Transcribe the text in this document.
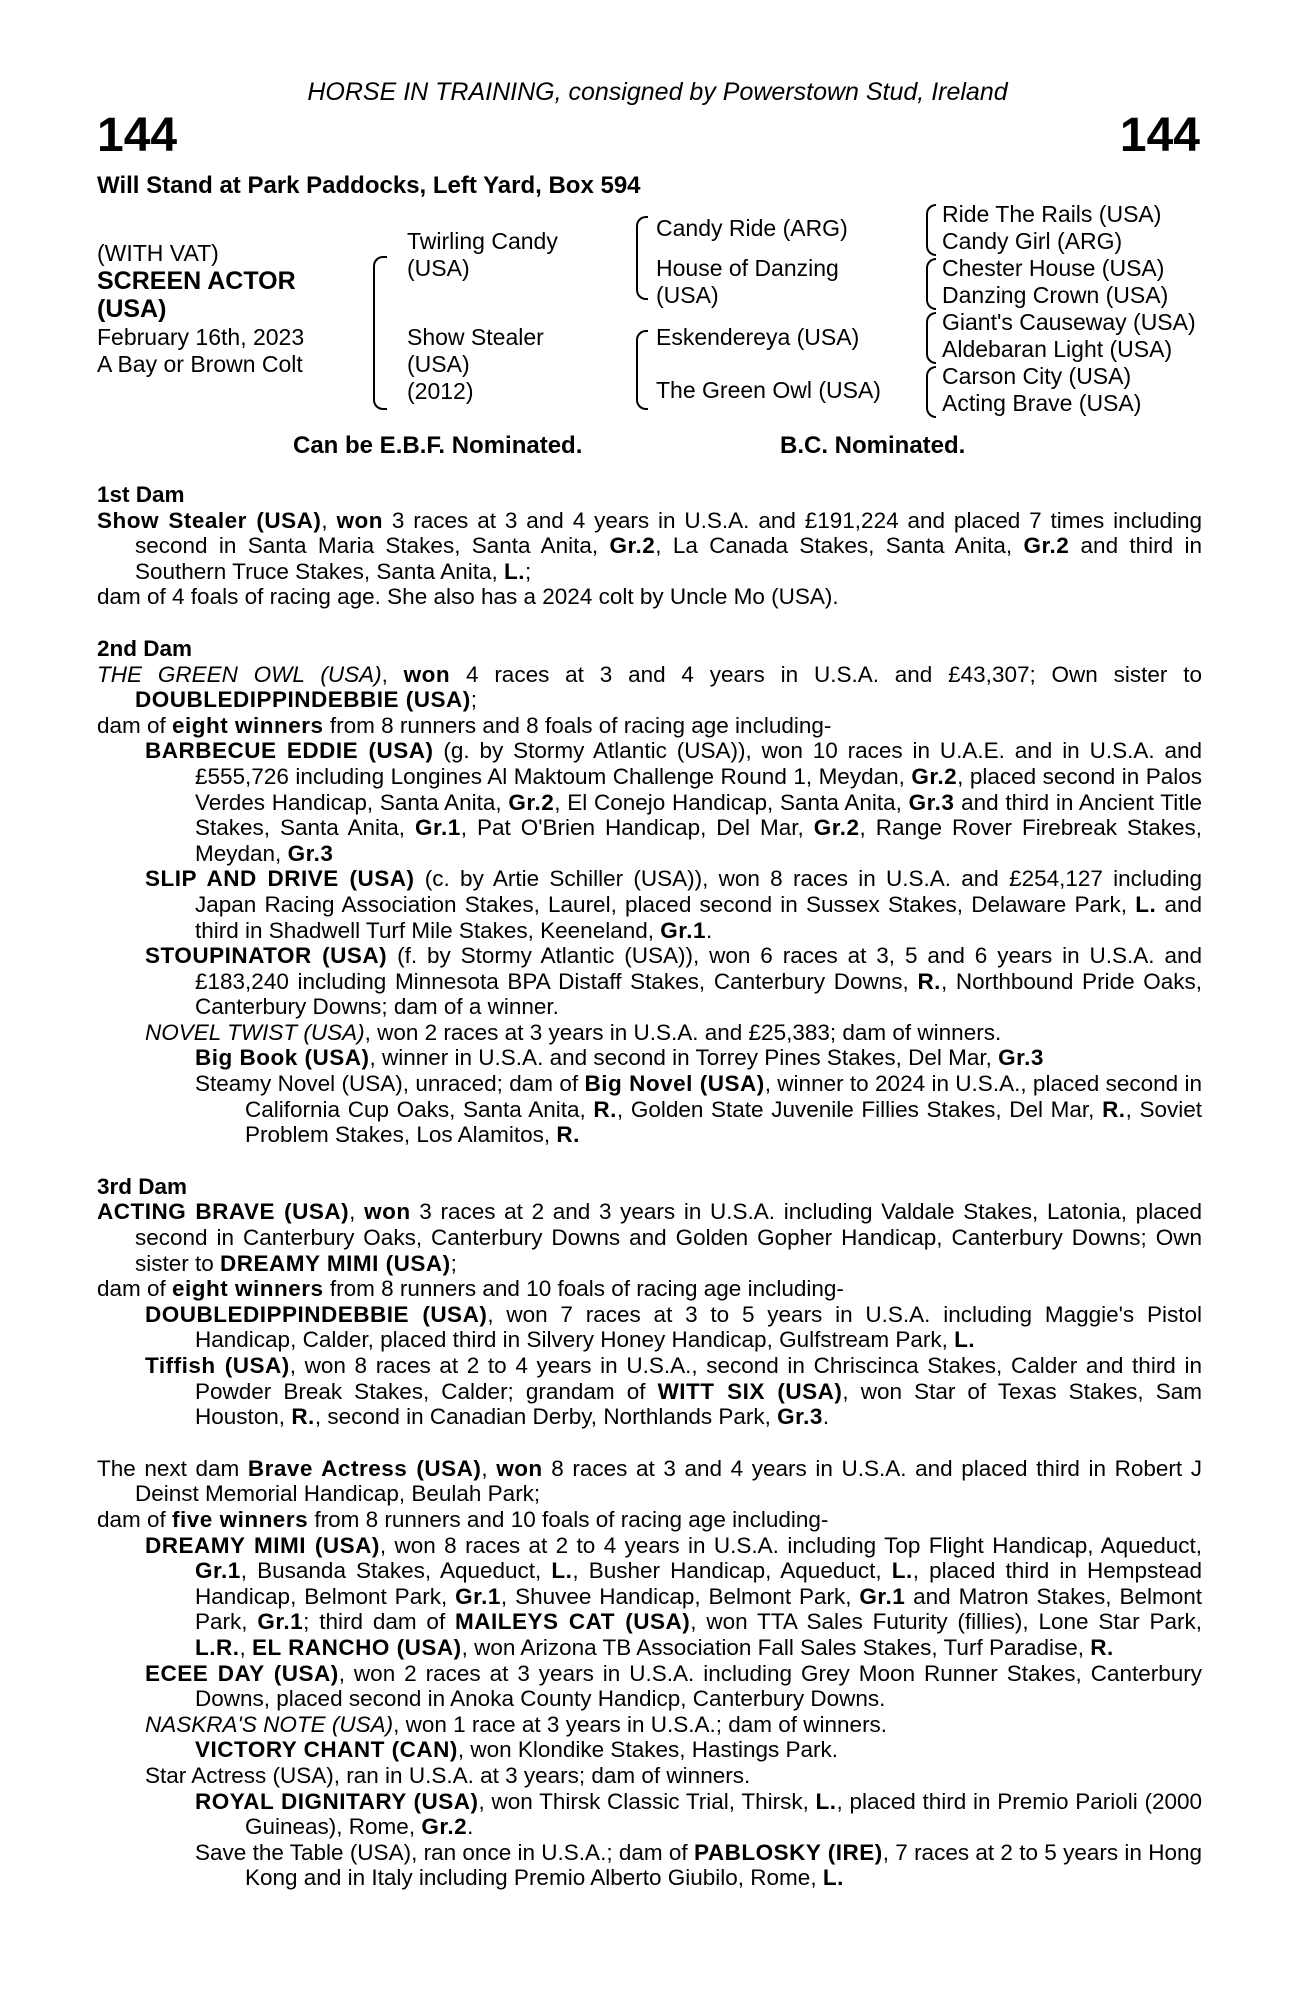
HORSE IN TRAINING, consigned by Powerstown Stud, Ireland
144	144
Will Stand at Park Paddocks, Left Yard, Box 594
(WITH VAT)
SCREEN ACTOR
(USA)
February 16th, 2023
A Bay or Brown Colt
Twirling Candy
(USA)
Show Stealer
(USA)
(2012)
Candy Ride (ARG)
House of Danzing
(USA)
Eskendereya (USA)
The Green Owl (USA)
Ride The Rails (USA)
Candy Girl (ARG)
Chester House (USA)
Danzing Crown (USA)
Giant's Causeway (USA)
Aldebaran Light (USA)
Carson City (USA)
Acting Brave (USA)
Can be E.B.F. Nominated.	B.C. Nominated.
1st Dam

Show Stealer (USA), won 3 races at 3 and 4 years in U.S.A. and £191,224 and placed 7 times including second in Santa Maria Stakes, Santa Anita, Gr.2, La Canada Stakes, Santa Anita, Gr.2 and third in Southern Truce Stakes, Santa Anita, L.;

dam of 4 foals of racing age. She also has a 2024 colt by Uncle Mo (USA).

2nd Dam

THE GREEN OWL (USA), won 4 races at 3 and 4 years in U.S.A. and £43,307; Own sister to DOUBLEDIPPINDEBBIE (USA);

dam of eight winners from 8 runners and 8 foals of racing age including-

BARBECUE EDDIE (USA) (g. by Stormy Atlantic (USA)), won 10 races in U.A.E. and in U.S.A. and £555,726 including Longines Al Maktoum Challenge Round 1, Meydan, Gr.2, placed second in Palos Verdes Handicap, Santa Anita, Gr.2, El Conejo Handicap, Santa Anita, Gr.3 and third in Ancient Title Stakes, Santa Anita, Gr.1, Pat O'Brien Handicap, Del Mar, Gr.2, Range Rover Firebreak Stakes, Meydan, Gr.3

SLIP AND DRIVE (USA) (c. by Artie Schiller (USA)), won 8 races in U.S.A. and £254,127 including Japan Racing Association Stakes, Laurel, placed second in Sussex Stakes, Delaware Park, L. and third in Shadwell Turf Mile Stakes, Keeneland, Gr.1.

STOUPINATOR (USA) (f. by Stormy Atlantic (USA)), won 6 races at 3, 5 and 6 years in U.S.A. and £183,240 including Minnesota BPA Distaff Stakes, Canterbury Downs, R., Northbound Pride Oaks, Canterbury Downs; dam of a winner.

NOVEL TWIST (USA), won 2 races at 3 years in U.S.A. and £25,383; dam of winners.

Big Book (USA), winner in U.S.A. and second in Torrey Pines Stakes, Del Mar, Gr.3

Steamy Novel (USA), unraced; dam of Big Novel (USA), winner to 2024 in U.S.A., placed second in California Cup Oaks, Santa Anita, R., Golden State Juvenile Fillies Stakes, Del Mar, R., Soviet Problem Stakes, Los Alamitos, R.

3rd Dam

ACTING BRAVE (USA), won 3 races at 2 and 3 years in U.S.A. including Valdale Stakes, Latonia, placed second in Canterbury Oaks, Canterbury Downs and Golden Gopher Handicap, Canterbury Downs; Own sister to DREAMY MIMI (USA);

dam of eight winners from 8 runners and 10 foals of racing age including-

DOUBLEDIPPINDEBBIE (USA), won 7 races at 3 to 5 years in U.S.A. including Maggie's Pistol Handicap, Calder, placed third in Silvery Honey Handicap, Gulfstream Park, L.

Tiffish (USA), won 8 races at 2 to 4 years in U.S.A., second in Chriscinca Stakes, Calder and third in Powder Break Stakes, Calder; grandam of WITT SIX (USA), won Star of Texas Stakes, Sam Houston, R., second in Canadian Derby, Northlands Park, Gr.3.

The next dam Brave Actress (USA), won 8 races at 3 and 4 years in U.S.A. and placed third in Robert J Deinst Memorial Handicap, Beulah Park;

dam of five winners from 8 runners and 10 foals of racing age including-

DREAMY MIMI (USA), won 8 races at 2 to 4 years in U.S.A. including Top Flight Handicap, Aqueduct, Gr.1, Busanda Stakes, Aqueduct, L., Busher Handicap, Aqueduct, L., placed third in Hempstead Handicap, Belmont Park, Gr.1, Shuvee Handicap, Belmont Park, Gr.1 and Matron Stakes, Belmont Park, Gr.1; third dam of MAILEYS CAT (USA), won TTA Sales Futurity (fillies), Lone Star Park, L.R., EL RANCHO (USA), won Arizona TB Association Fall Sales Stakes, Turf Paradise, R.

ECEE DAY (USA), won 2 races at 3 years in U.S.A. including Grey Moon Runner Stakes, Canterbury Downs, placed second in Anoka County Handicp, Canterbury Downs.

NASKRA'S NOTE (USA), won 1 race at 3 years in U.S.A.; dam of winners.

VICTORY CHANT (CAN), won Klondike Stakes, Hastings Park.

Star Actress (USA), ran in U.S.A. at 3 years; dam of winners.

ROYAL DIGNITARY (USA), won Thirsk Classic Trial, Thirsk, L., placed third in Premio Parioli (2000 Guineas), Rome, Gr.2.

Save the Table (USA), ran once in U.S.A.; dam of PABLOSKY (IRE), 7 races at 2 to 5 years in Hong Kong and in Italy including Premio Alberto Giubilo, Rome, L.
